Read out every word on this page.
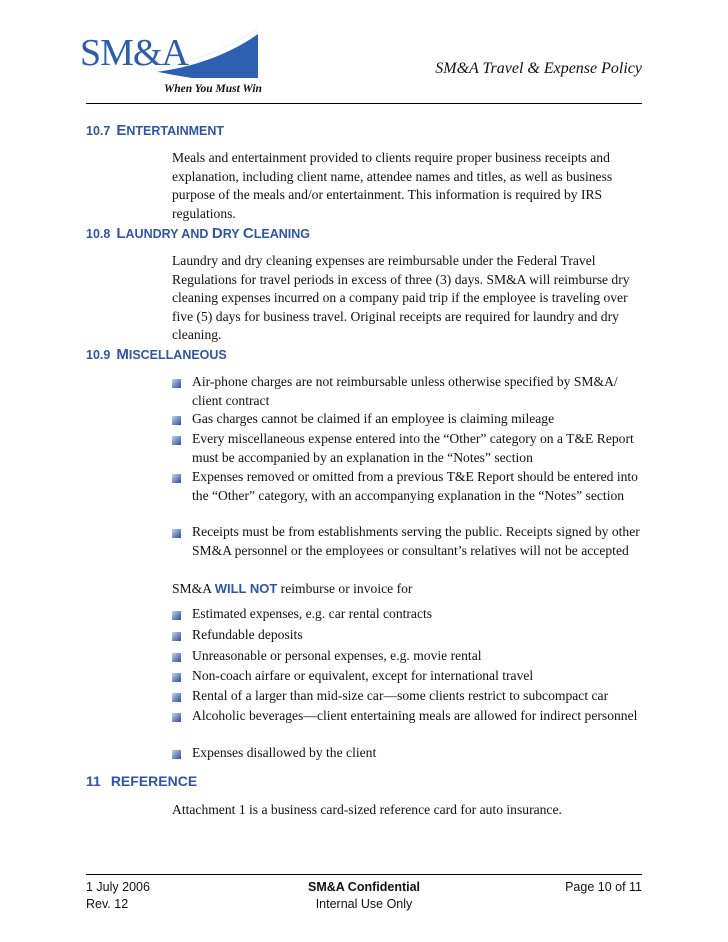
SM&A
When You Must Win
SM&A Travel & Expense Policy
10.7 ENTERTAINMENT
Meals and entertainment provided to clients require proper business receipts and explanation, including client name, attendee names and titles, as well as business purpose of the meals and/or entertainment. This information is required by IRS regulations.
10.8 LAUNDRY AND DRY CLEANING
Laundry and dry cleaning expenses are reimbursable under the Federal Travel Regulations for travel periods in excess of three (3) days. SM&A will reimburse dry cleaning expenses incurred on a company paid trip if the employee is traveling over five (5) days for business travel. Original receipts are required for laundry and dry cleaning.
10.9 MISCELLANEOUS
Air-phone charges are not reimbursable unless otherwise specified by SM&A/ client contract
Gas charges cannot be claimed if an employee is claiming mileage
Every miscellaneous expense entered into the “Other” category on a T&E Report must be accompanied by an explanation in the “Notes” section
Expenses removed or omitted from a previous T&E Report should be entered into the “Other” category, with an accompanying explanation in the “Notes” section
Receipts must be from establishments serving the public. Receipts signed by other SM&A personnel or the employees or consultant’s relatives will not be accepted
SM&A WILL NOT reimburse or invoice for
Estimated expenses, e.g. car rental contracts
Refundable deposits
Unreasonable or personal expenses, e.g. movie rental
Non-coach airfare or equivalent, except for international travel
Rental of a larger than mid-size car—some clients restrict to subcompact car
Alcoholic beverages—client entertaining meals are allowed for indirect personnel
Expenses disallowed by the client
11 REFERENCE
Attachment 1 is a business card-sized reference card for auto insurance.
1 July 2006
Rev. 12
SM&A Confidential
Internal Use Only
Page 10 of 11
